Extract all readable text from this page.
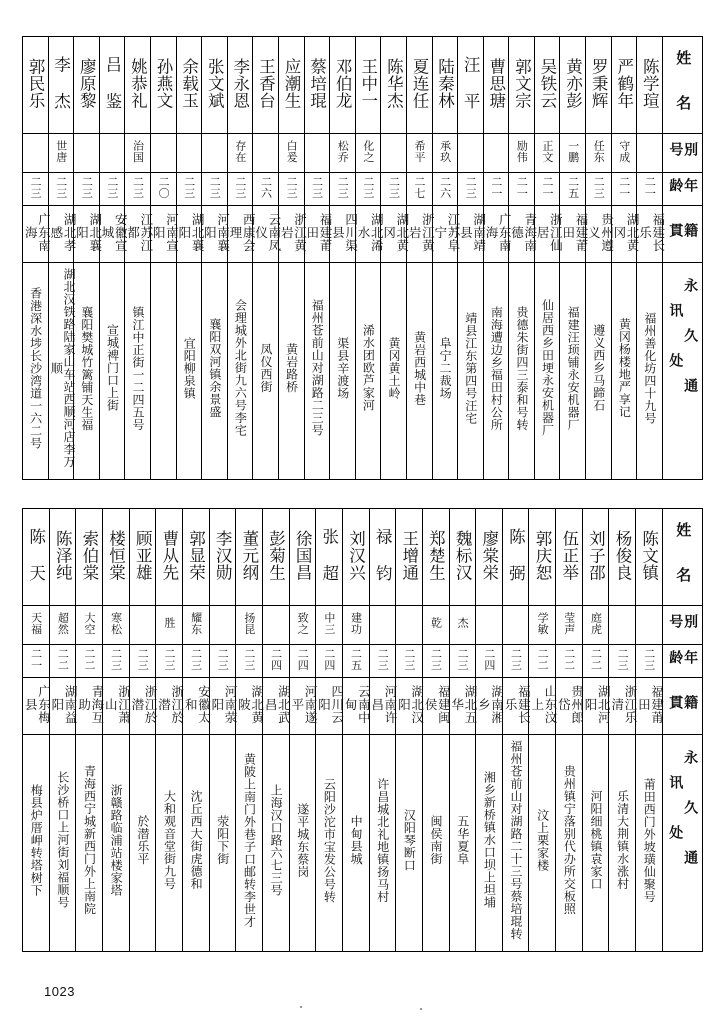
郭民乐	李 杰	廖原黎	吕 鉴	姚恭礼	孙燕文	余载玉	张文斌	李永恩	王香台	应潮生	蔡培琨	邓伯龙	王中一	陈华杰	夏连任	陆秦林	汪 平	曹思瑭	郭文宗	吴铁云	黄亦彭	罗秉辉	严鹤年	陈学瑄	姓 名
	世唐			治国				存在		白爰		松乔	化之		希平	承玖			励伟	正文	一鹏	任东	守成		別 号
二三	二三	二三	二三	二三	二〇	二三	二三	二三	二六	二三	二三	二三	二三	二三	二七	二六	二三	二一	二一	二一	二五	二三	二一	二一	年 龄
广东南海	湖北孝感	湖北襄阳	安徽宣城	江苏江都	河南宣阳	湖北襄阳	河南襄阳	西康会理	云南凤仪	浙江黄岩	福建莆田	四川渠县	湖北浠水	湖北黄冈	浙江黄岩	江苏阜宁	湖南靖县	广东南海	青海南德	浙江仙居	福建莆田	贵州遵义	湖北黄冈	福建长乐	籍 貫
香港深水埗长沙湾道一六二号	湖北汉铁路陆家山车站西顺河店李万顺	襄阳樊城竹篱铺天生福	宣城裨门口上街	镇江中正街一二四五号		宜阳柳泉镇	襄阳双河镇余景盛	会理城外北街九六号李宅	凤仪西街	黄岩路桥	福州苍前山对湖路二三号	渠县辛渡场	浠水团欧芦家河	黄冈黄土岭	黄岩西城中巷	阜宁二裁场	靖县江东第四号汪宅	南海遭边乡福田村公所	贵德朱街四三泰和号转	仙居西乡田埂永安机器厂	福建汪顼铺永安机器厂	遵义西乡马蹄石	黄冈杨楼地严享记	福州善化坊四十九号	永 久 通 讯 处
陈 天	陈泽纯	索伯棠	楼恒棠	顾亚雄	曹从先	郭显荣	李汉勋	董元纲	彭菊生	徐国昌	张 超	刘汉兴	禄 钧	王增通	郑楚生	魏标汉	廖棠栄	陈 弼	郭庆恕	伍正举	刘子邵	杨俊良	陈文镇	姓 名
天福	超然	大空	寒松		胜	耀东		扬昆		致之	中三	建功			乾	杰			学敏	莹声	庭虎			別 号
二一	二二	二二	二三	二三	二三	二三	二三	二三	二四	二四	二四	二五	二三	二三	二三	二三	二四	二三	二二	二二	二二	二三	二三	年 龄
广东梅县	湖南益阳	青海互助	浙江萧山	浙江於潜	浙江於潜	安徽太和	河南荥阳	湖北黄陂	湖北武昌	河南遂平	四川云阳	云南中甸	河南许昌	湖北汉阳	福建闽侯	湖北五华	湖南湘乡	福建长乐	山东汶上	贵州郎岱	湖北河阳	浙江乐清	福建莆田	籍 貫
梅县炉厝岬转塔树下	长沙桥口上河街刘福顺号	青海西宁城新西门外上南院	浙赣路临浦站楼家塔	於潜乐平	大和观音堂街九号	沈丘西大街虎德和	荥阳下街	黄陂上南门外巷子口邮转李世才	上海汉口路六七三号	遂平城东蔡岗	云阳沙沱市宝发公号转	中甸县城	许昌城北礼地镇扬马村	汉阳琴断口	闽侯南街	五华夏阜	湘乡新桥镇水口坝上坦埔	福州苍前山对湖路二十三号蔡培琨转	汶上栗家楼	贵州镇宁落别代办所交板照	河阳细桃镇袁家口	乐清大荆镇水涨村	莆田西门外坡璜仙聚号	永 久 通 讯 处
1023
